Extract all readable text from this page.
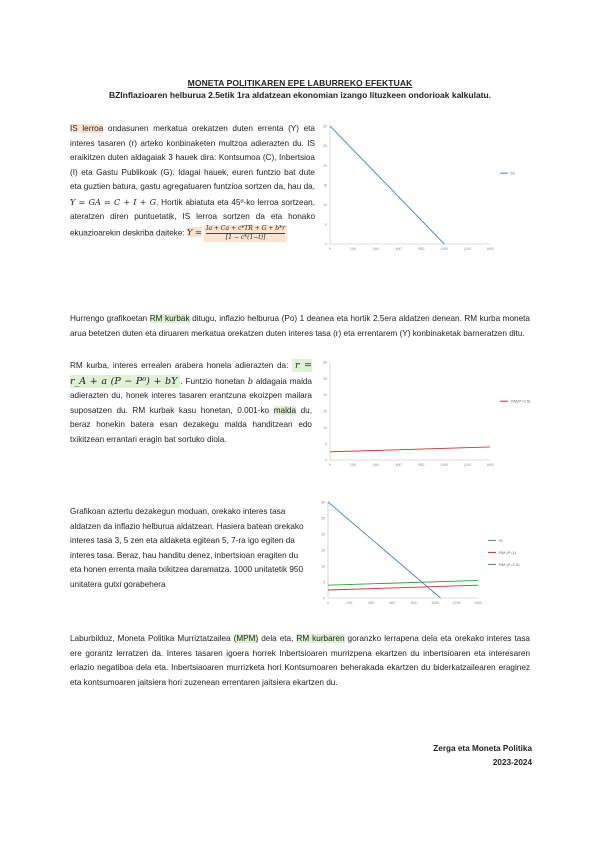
MONETA POLITIKAREN EPE LABURREKO EFEKTUAK
BZInflazioaren helburua 2.5etik 1ra aldatzean ekonomian izango lituzkeen ondorioak kalkulatu.
IS lerroa ondasunen merkatua orekatzen duten errenta (Y) eta interes tasaren (r) arteko konbinaketen multzoa adierazten du. IS eraikitzen duten aldagaiak 3 hauek dira: Kontsumoa (C), Inbertsioa (I) eta Gastu Publikoak (G). Idagai hauek, euren funtzio bat dute eta guztien batura, gastu agregatuaren funtzioa sortzen da, hau da, Y = GA = C + I + G. Hortik abiatuta eta 45º-ko lerroa sortzean, ateratzen diren puntuetatik, IS lerroa sortzen da eta honako ekuazioarekin deskriba daiteke: $Y = \frac{Ia + Ca + c*TR + G + b*r}{[1 - c*(1-t)]}$
0
5
10
15
20
25
30
0	200	400	600	800	1000	1200	1400
IS
Hurrengo grafikoetan RM kurbak ditugu, inflazio helburua (Po) 1 deanea eta hortik 2.5era aldatzen denean. RM kurba moneta arua betetzen duten eta diruaren merkatua orekatzen duten interes tasa (r) eta errentarem (Y) konbinaketak barneratzen ditu.
RM kurba, interes errealen arabera honela adierazten da: r = r_A + a (P − P⁰) + bY . Funtzio honetan b aldagaia malda adierazten du, honek interes tasaren erantzuna ekoizpen mailara suposatzen du. RM kurbak kasu honetan, 0.001-ko malda du, beraz honekin batera esan dezakegu malda handitzean edo txikitzean errantari eragin bat sortuko diola.
0
5
10
15
20
25
30
0	200	400	600	800	1000	1200	1400
RM(P=2.5)
Grafikoan aztertu dezakegun moduan, orekako interes tasa aldatzen da inflazio helburua aldatzean. Hasiera batean orekako interes tasa 3, 5 zen eta aldaketa egitean 5, 7-ra igo egiten da interes tasa. Beraz, hau handitu denez, inbertsioan eragiten du eta honen errenta maila txikitzea daramatza. 1000 unitatetik 950 unitatera gutxi gorabehera
0
5
10
15
20
25
30
0	200	400	600	800	1000	1200	1400
IS
RM (P=1)
RM (P=2.5)
Laburbilduz, Moneta Politika Murriztatzailea (MPM) dela eta, RM kurbaren goranzko lerrapena dela eta orekako interes tasa ere gorantz lerratzen da. Interes tasaren igoera horrek Inbertsioaren murrizpena ekartzen du inbertsioaren eta interesaren erlazio negatiboa dela eta. Inbertsiaoaren murrizketa hori Kontsumoaren beherakada ekartzen du biderkatzailearen eraginez eta kontsumoaren jaitsiera hori zuzenean errentaren jaitsiera ekartzen du.
Zerga eta Moneta Politika
2023-2024
